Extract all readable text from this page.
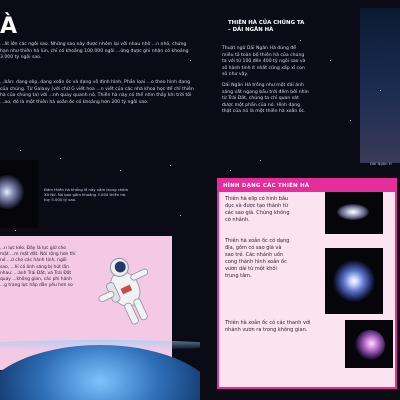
À
...ất lớn các ngôi sao. Những sao này được nhóm lại với nhau nhờ ...n nhỏ, chứng hạn như thiên hà lùn, chỉ có khoảng 100.000 ngôi ...ững được ghi nhận có khoảng 3.000 tỷ ngôi sao.
...bản: dạng elip, dạng xoắn ốc và dạng vô định hình. Phần lọai ...o theo hình dạng của chúng. Từ Galaxy (với chữ G viết hoa ...n viết của các nhà khoa học để chỉ thiên hà của chúng ta) với ...nh quay quanh nó. Thiên hà này có thể nhìn thấy khi trời tối ...ao, đó là một thiên hà xoắn ốc có khoảng hơn 200 tỷ ngôi sao.
Đám thiên hà khổng lồ này nằm trong chòm Xử Nữ. Nó bao gồm khoảng 3.000 thiên hà, tuy 5.000 tỷ sao.
...n lực kéo. Đây là lực giữ cho mặt ...m mặt đất. Nói rộng hơn thì nó ...ứ cho các hành tinh, ngôi sao, ...hỉ có ảnh sáng bị hút lấn nhau: ...ành Trái Đất, và Trái Đất quay ...không gian, các phi hành ...g trạng lực hấp dẫn yếu hơn so
THIÊN HÀ CỦA CHÚNG TA – DẢI NGÂN HÀ
Thuật ngữ Dải Ngân Hà dùng để miêu tả toàn bộ thiên hà của chúng ta với từ 100 đến 400 tỷ ngôi sao và số hành tinh ít nhất cũng xấp xỉ con số như vậy.
Dải Ngân Hà trông như một dải ánh sáng vắt ngang bầu trời đêm bởi nhìn từ Trái Đất, chúng ta chỉ quan sát được một phần của nó. Hình dạng thật của nó là một thiên hà xoắn ốc.
Dải Ngân H
HÌNH DẠNG CÁC THIÊN HÀ
Thiên hà elip có hình bầu dục và được tạo thành từ các sao già. Chúng không có nhánh.
Thiên hà xoắn ốc có dạng đĩa, gồm có sao già và sao trẻ. Các nhánh uốn cong thành hình xoắn ốc vươn dài từ một khối trung tâm.
Thiên hà xoắn ốc có các thanh với nhánh vươn ra trong không gian.
